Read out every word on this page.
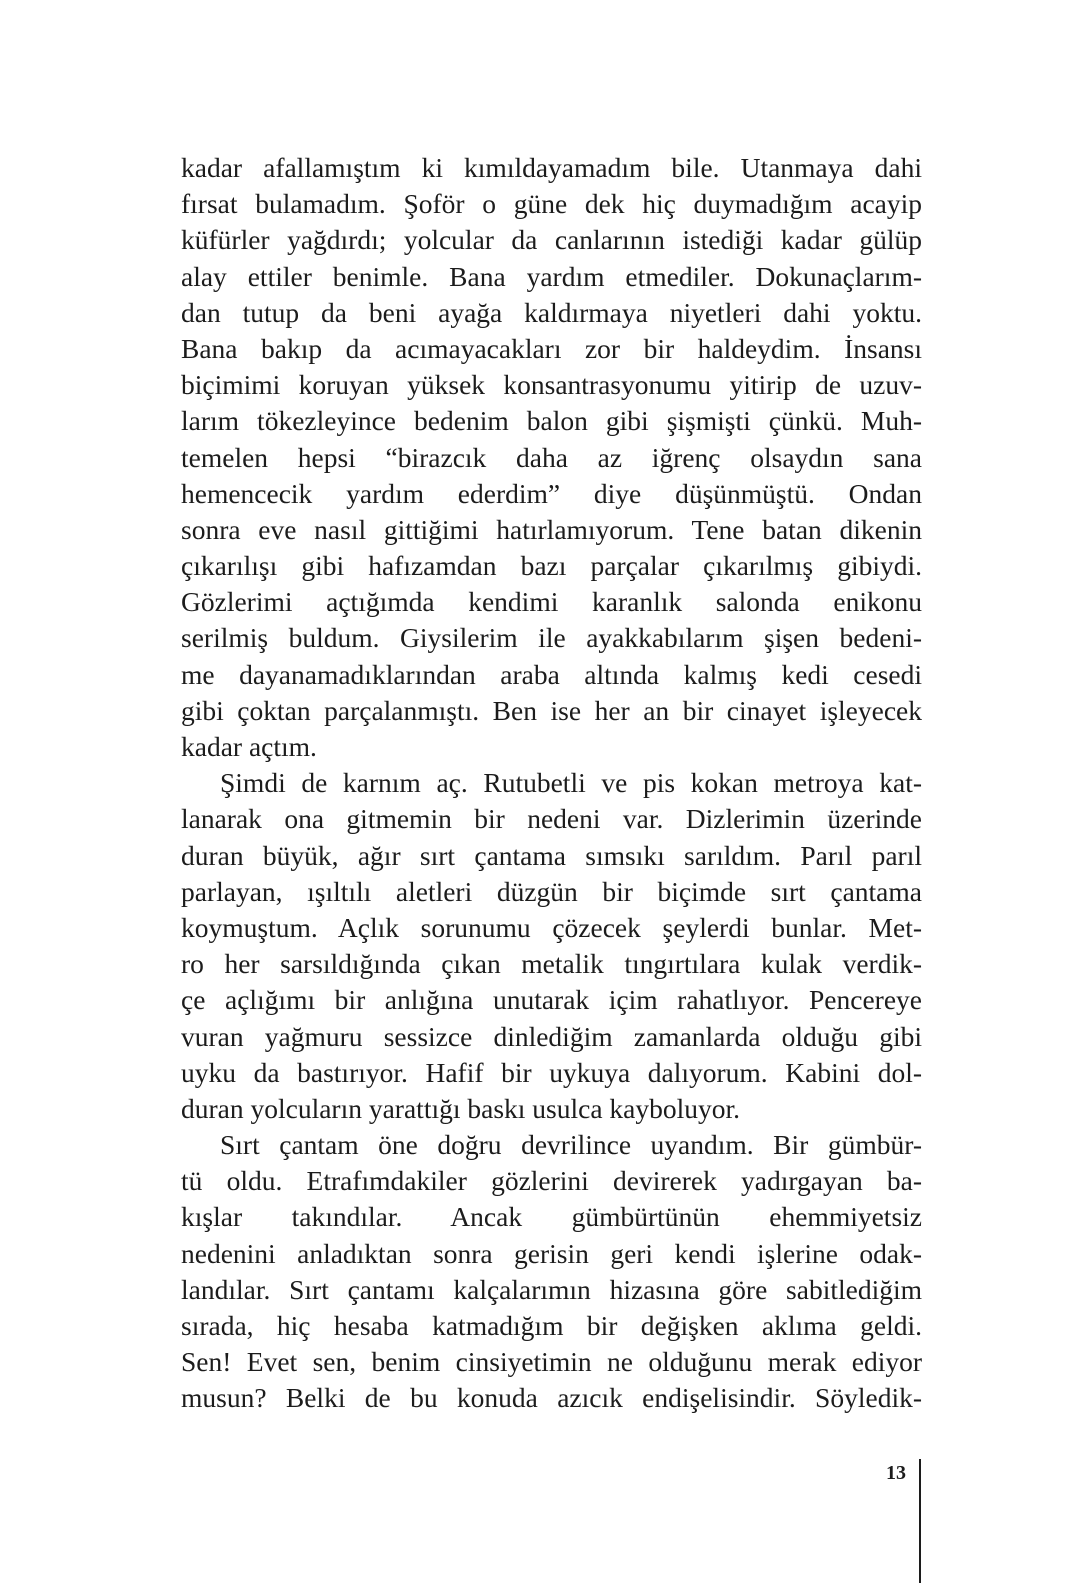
kadar afallamıştım ki kımıldayamadım bile. Utanmaya dahi
fırsat bulamadım. Şoför o güne dek hiç duymadığım acayip
küfürler yağdırdı; yolcular da canlarının istediği kadar gülüp
alay ettiler benimle. Bana yardım etmediler. Dokunaçlarım-
dan tutup da beni ayağa kaldırmaya niyetleri dahi yoktu.
Bana bakıp da acımayacakları zor bir haldeydim. İnsansı
biçimimi koruyan yüksek konsantrasyonumu yitirip de uzuv-
larım tökezleyince bedenim balon gibi şişmişti çünkü. Muh-
temelen hepsi “birazcık daha az iğrenç olsaydın sana
hemencecik yardım ederdim” diye düşünmüştü. Ondan
sonra eve nasıl gittiğimi hatırlamıyorum. Tene batan dikenin
çıkarılışı gibi hafızamdan bazı parçalar çıkarılmış gibiydi.
Gözlerimi açtığımda kendimi karanlık salonda enikonu
serilmiş buldum. Giysilerim ile ayakkabılarım şişen bedeni-
me dayanamadıklarından araba altında kalmış kedi cesedi
gibi çoktan parçalanmıştı. Ben ise her an bir cinayet işleyecek
kadar açtım.
Şimdi de karnım aç. Rutubetli ve pis kokan metroya kat-
lanarak ona gitmemin bir nedeni var. Dizlerimin üzerinde
duran büyük, ağır sırt çantama sımsıkı sarıldım. Parıl parıl
parlayan, ışıltılı aletleri düzgün bir biçimde sırt çantama
koymuştum. Açlık sorunumu çözecek şeylerdi bunlar. Met-
ro her sarsıldığında çıkan metalik tıngırtılara kulak verdik-
çe açlığımı bir anlığına unutarak içim rahatlıyor. Pencereye
vuran yağmuru sessizce dinlediğim zamanlarda olduğu gibi
uyku da bastırıyor. Hafif bir uykuya dalıyorum. Kabini dol-
duran yolcuların yarattığı baskı usulca kayboluyor.
Sırt çantam öne doğru devrilince uyandım. Bir gümbür-
tü oldu. Etrafımdakiler gözlerini devirerek yadırgayan ba-
kışlar takındılar. Ancak gümbürtünün ehemmiyetsiz
nedenini anladıktan sonra gerisin geri kendi işlerine odak-
landılar. Sırt çantamı kalçalarımın hizasına göre sabitlediğim
sırada, hiç hesaba katmadığım bir değişken aklıma geldi.
Sen! Evet sen, benim cinsiyetimin ne olduğunu merak ediyor
musun? Belki de bu konuda azıcık endişelisindir. Söyledik-
13
